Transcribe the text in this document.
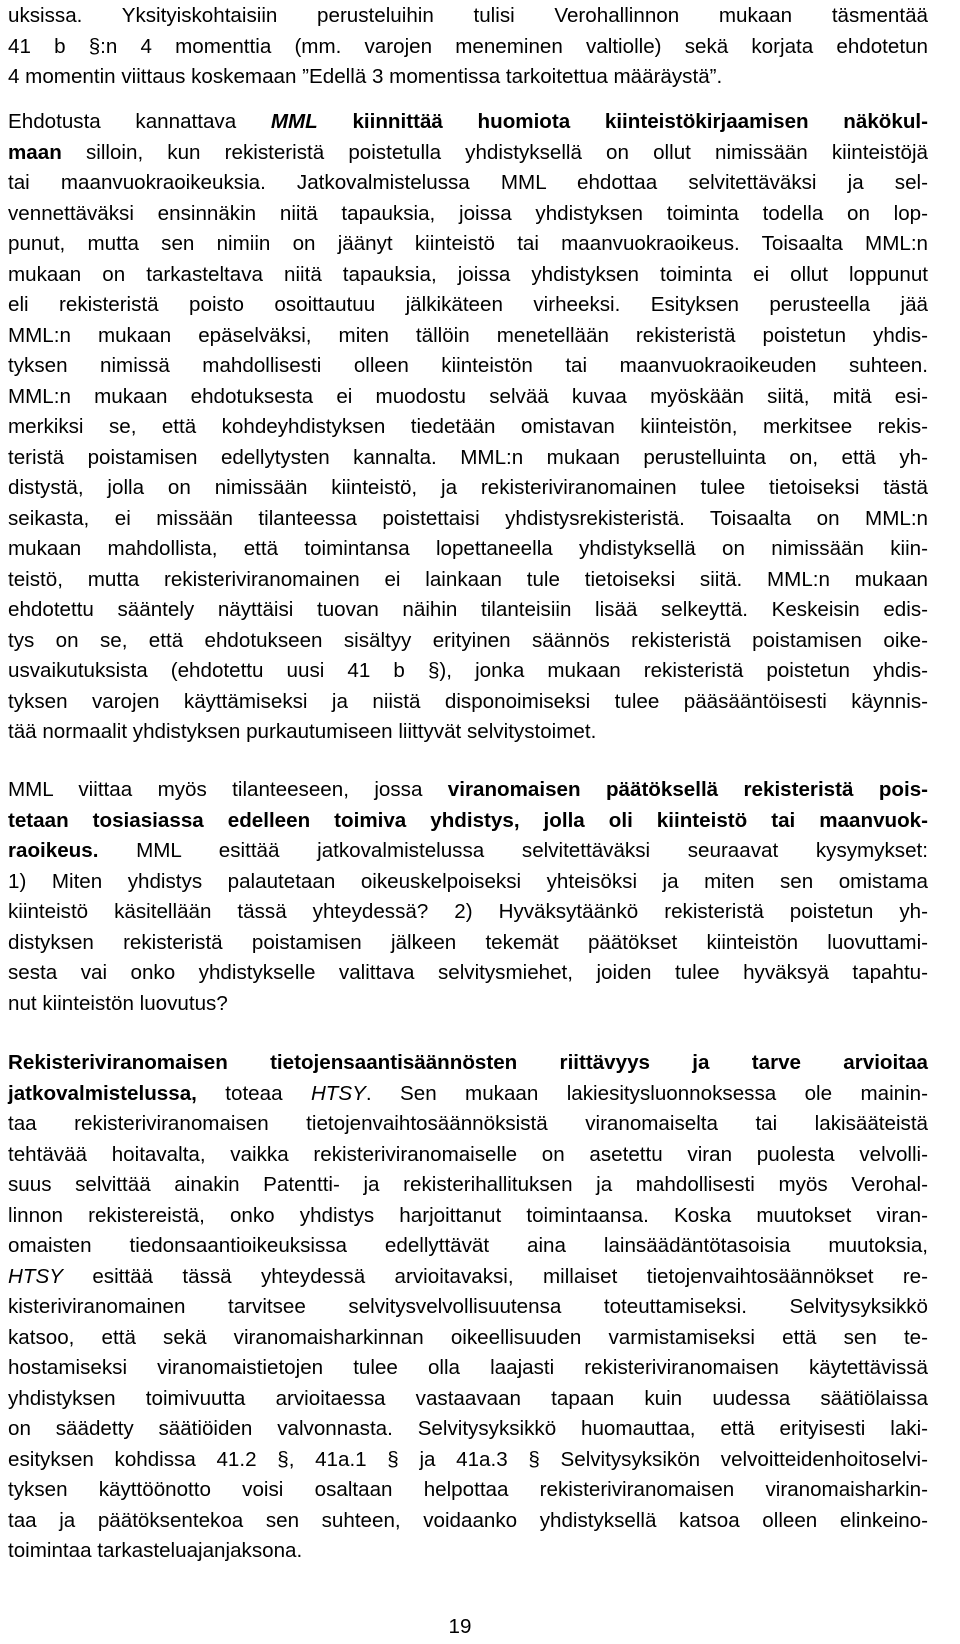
uksissa. Yksityiskohtaisiin perusteluihin tulisi Verohallinnon mukaan täsmentää
41 b §:n 4 momenttia (mm. varojen meneminen valtiolle) sekä korjata ehdotetun
4 momentin viittaus koskemaan ”Edellä 3 momentissa tarkoitettua määräystä”.
Ehdotusta kannattava MML kiinnittää huomiota kiinteistökirjaamisen näkökul-
maan silloin, kun rekisteristä poistetulla yhdistyksellä on ollut nimissään kiinteistöjä
tai maanvuokraoikeuksia. Jatkovalmistelussa MML ehdottaa selvitettäväksi ja sel-
vennettäväksi ensinnäkin niitä tapauksia, joissa yhdistyksen toiminta todella on lop-
punut, mutta sen nimiin on jäänyt kiinteistö tai maanvuokraoikeus. Toisaalta MML:n
mukaan on tarkasteltava niitä tapauksia, joissa yhdistyksen toiminta ei ollut loppunut
eli rekisteristä poisto osoittautuu jälkikäteen virheeksi. Esityksen perusteella jää
MML:n mukaan epäselväksi, miten tällöin menetellään rekisteristä poistetun yhdis-
tyksen nimissä mahdollisesti olleen kiinteistön tai maanvuokraoikeuden suhteen.
MML:n mukaan ehdotuksesta ei muodostu selvää kuvaa myöskään siitä, mitä esi-
merkiksi se, että kohdeyhdistyksen tiedetään omistavan kiinteistön, merkitsee rekis-
teristä poistamisen edellytysten kannalta. MML:n mukaan perustelluinta on, että yh-
distystä, jolla on nimissään kiinteistö, ja rekisteriviranomainen tulee tietoiseksi tästä
seikasta, ei missään tilanteessa poistettaisi yhdistysrekisteristä. Toisaalta on MML:n
mukaan mahdollista, että toimintansa lopettaneella yhdistyksellä on nimissään kiin-
teistö, mutta rekisteriviranomainen ei lainkaan tule tietoiseksi siitä. MML:n mukaan
ehdotettu sääntely näyttäisi tuovan näihin tilanteisiin lisää selkeyttä. Keskeisin edis-
tys on se, että ehdotukseen sisältyy erityinen säännös rekisteristä poistamisen oike-
usvaikutuksista (ehdotettu uusi 41 b §), jonka mukaan rekisteristä poistetun yhdis-
tyksen varojen käyttämiseksi ja niistä disponoimiseksi tulee pääsääntöisesti käynnis-
tää normaalit yhdistyksen purkautumiseen liittyvät selvitystoimet.
MML viittaa myös tilanteeseen, jossa viranomaisen päätöksellä rekisteristä pois-
tetaan tosiasiassa edelleen toimiva yhdistys, jolla oli kiinteistö tai maanvuok-
raoikeus. MML esittää jatkovalmistelussa selvitettäväksi seuraavat kysymykset:
1) Miten yhdistys palautetaan oikeuskelpoiseksi yhteisöksi ja miten sen omistama
kiinteistö käsitellään tässä yhteydessä? 2) Hyväksytäänkö rekisteristä poistetun yh-
distyksen rekisteristä poistamisen jälkeen tekemät päätökset kiinteistön luovuttami-
sesta vai onko yhdistykselle valittava selvitysmiehet, joiden tulee hyväksyä tapahtu-
nut kiinteistön luovutus?
Rekisteriviranomaisen tietojensaantisäännösten riittävyys ja tarve arvioitaa
jatkovalmistelussa, toteaa HTSY. Sen mukaan lakiesitysluonnoksessa ole mainin-
taa rekisteriviranomaisen tietojenvaihtosäännöksistä viranomaiselta tai lakisääteistä
tehtävää hoitavalta, vaikka rekisteriviranomaiselle on asetettu viran puolesta velvolli-
suus selvittää ainakin Patentti- ja rekisterihallituksen ja mahdollisesti myös Verohal-
linnon rekistereistä, onko yhdistys harjoittanut toimintaansa. Koska muutokset viran-
omaisten tiedonsaantioikeuksissa edellyttävät aina lainsäädäntötasoisia muutoksia,
HTSY esittää tässä yhteydessä arvioitavaksi, millaiset tietojenvaihtosäännökset re-
kisteriviranomainen tarvitsee selvitysvelvollisuutensa toteuttamiseksi. Selvitysyksikkö
katsoo, että sekä viranomaisharkinnan oikeellisuuden varmistamiseksi että sen te-
hostamiseksi viranomaistietojen tulee olla laajasti rekisteriviranomaisen käytettävissä
yhdistyksen toimivuutta arvioitaessa vastaavaan tapaan kuin uudessa säätiölaissa
on säädetty säätiöiden valvonnasta. Selvitysyksikkö huomauttaa, että erityisesti laki-
esityksen kohdissa 41.2 §, 41a.1 § ja 41a.3 § Selvitysyksikön velvoitteidenhoitoselvi-
tyksen käyttöönotto voisi osaltaan helpottaa rekisteriviranomaisen viranomaisharkin-
taa ja päätöksentekoa sen suhteen, voidaanko yhdistyksellä katsoa olleen elinkeino-
toimintaa tarkasteluajanjaksona.
19
